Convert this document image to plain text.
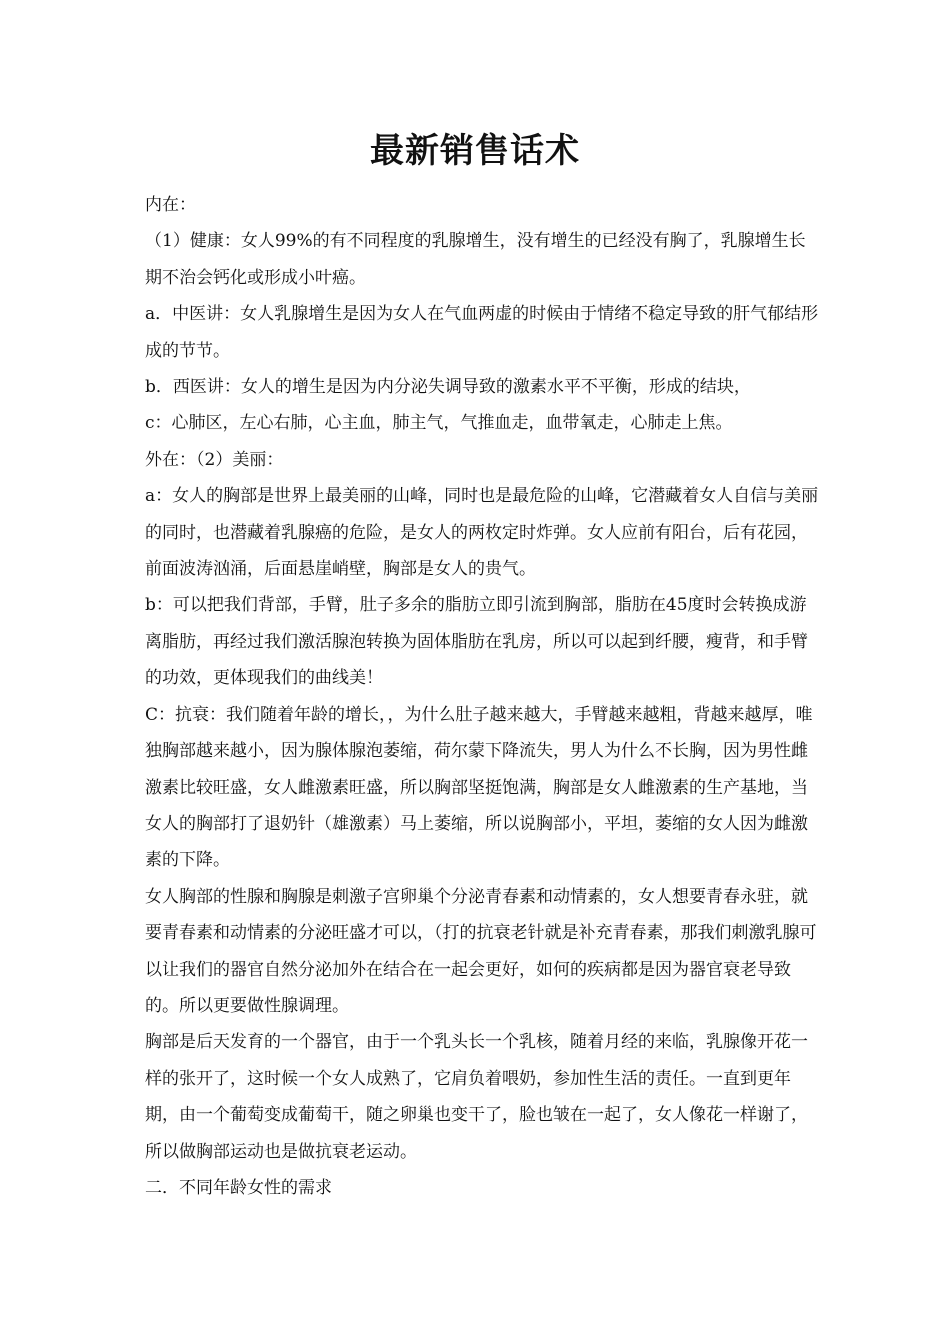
最新销售话术

内在：

（1）健康：女人99%的有不同程度的乳腺增生，没有增生的已经没有胸了，乳腺增生长期不治会钙化或形成小叶癌。

a．中医讲：女人乳腺增生是因为女人在气血两虚的时候由于情绪不稳定导致的肝气郁结形成的节节。

b．西医讲：女人的增生是因为内分泌失调导致的激素水平不平衡，形成的结块，

c：心肺区，左心右肺，心主血，肺主气，气推血走，血带氧走，心肺走上焦。

外在：（2）美丽：

a：女人的胸部是世界上最美丽的山峰，同时也是最危险的山峰，它潜藏着女人自信与美丽的同时，也潜藏着乳腺癌的危险，是女人的两枚定时炸弹。女人应前有阳台，后有花园，前面波涛汹涌，后面悬崖峭壁，胸部是女人的贵气。

b：可以把我们背部，手臂，肚子多余的脂肪立即引流到胸部，脂肪在45度时会转换成游离脂肪，再经过我们激活腺泡转换为固体脂肪在乳房，所以可以起到纤腰，瘦背，和手臂的功效，更体现我们的曲线美！

C：抗衰：我们随着年龄的增长，，为什么肚子越来越大，手臂越来越粗，背越来越厚，唯独胸部越来越小，因为腺体腺泡萎缩，荷尔蒙下降流失，男人为什么不长胸，因为男性雌激素比较旺盛，女人雌激素旺盛，所以胸部坚挺饱满，胸部是女人雌激素的生产基地，当女人的胸部打了退奶针（雄激素）马上萎缩，所以说胸部小，平坦，萎缩的女人因为雌激素的下降。

女人胸部的性腺和胸腺是刺激子宫卵巢个分泌青春素和动情素的，女人想要青春永驻，就要青春素和动情素的分泌旺盛才可以，（打的抗衰老针就是补充青春素，那我们刺激乳腺可以让我们的器官自然分泌加外在结合在一起会更好，如何的疾病都是因为器官衰老导致的。所以更要做性腺调理。

胸部是后天发育的一个器官，由于一个乳头长一个乳核，随着月经的来临，乳腺像开花一样的张开了，这时候一个女人成熟了，它肩负着喂奶，参加性生活的责任。一直到更年期，由一个葡萄变成葡萄干，随之卵巢也变干了，脸也皱在一起了，女人像花一样谢了，所以做胸部运动也是做抗衰老运动。

二．不同年龄女性的需求
